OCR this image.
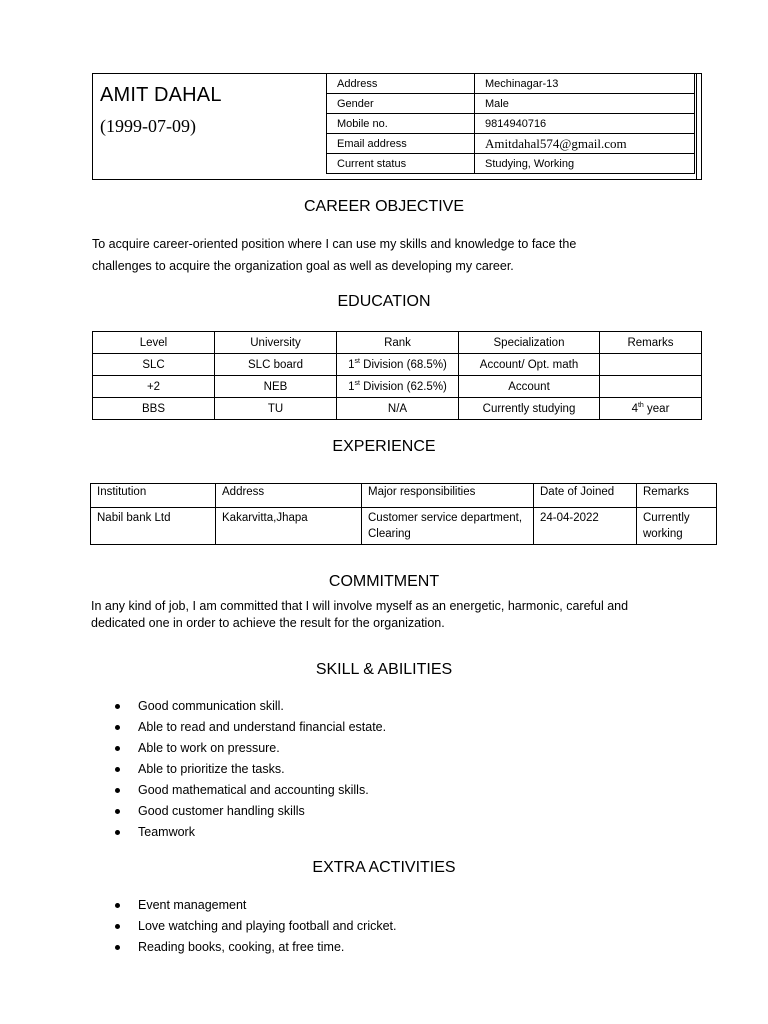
AMIT DAHAL
(1999-07-09)
Address	Mechinagar-13
Gender	Male
Mobile no.	9814940716
Email address	Amitdahal574@gmail.com
Current status	Studying, Working
CAREER OBJECTIVE
To acquire career-oriented position where I can use my skills and knowledge to face the
challenges to acquire the organization goal as well as developing my career.
EDUCATION
Level	University	Rank	Specialization	Remarks
SLC	SLC board	1st Division (68.5%)	Account/ Opt. math	
+2	NEB	1st Division (62.5%)	Account	
BBS	TU	N/A	Currently studying	4th year
EXPERIENCE
Institution	Address	Major responsibilities	Date of Joined	Remarks
Nabil bank Ltd	Kakarvitta,Jhapa	Customer service department, Clearing	24-04-2022	Currently working
COMMITMENT
In any kind of job, I am committed that I will involve myself as an energetic, harmonic, careful and
dedicated one in order to achieve the result for the organization.
SKILL & ABILITIES
Good communication skill.
Able to read and understand financial estate.
Able to work on pressure.
Able to prioritize the tasks.
Good mathematical and accounting skills.
Good customer handling skills
Teamwork
EXTRA ACTIVITIES
Event management
Love watching and playing football and cricket.
Reading books, cooking, at free time.
